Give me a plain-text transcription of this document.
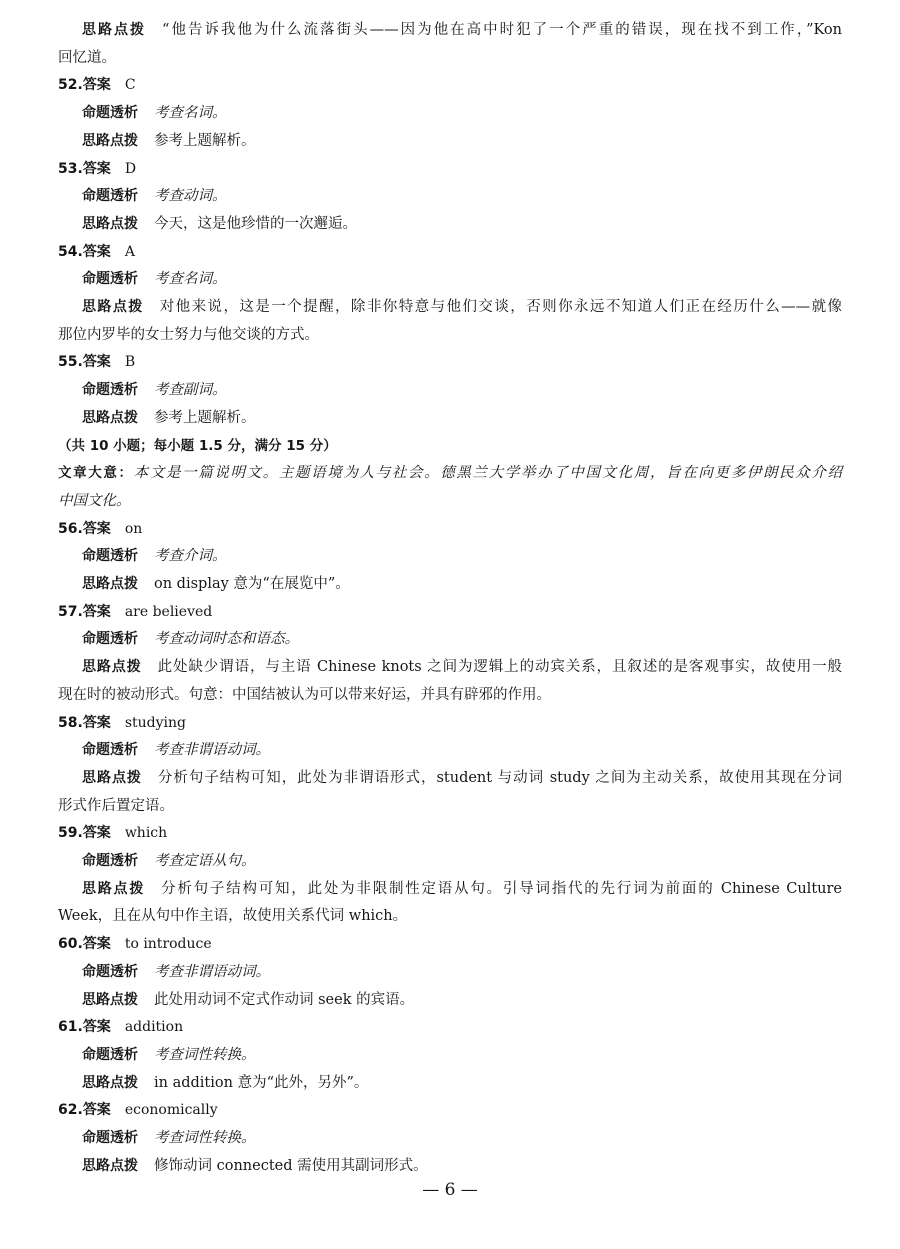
思路点拨 “他告诉我他为什么流落街头——因为他在高中时犯了一个严重的错误，现在找不到工作，”Kon
回忆道。
52.答案 C
命题透析 考查名词。
思路点拨 参考上题解析。
53.答案 D
命题透析 考查动词。
思路点拨 今天，这是他珍惜的一次邂逅。
54.答案 A
命题透析 考查名词。
思路点拨 对他来说，这是一个提醒，除非你特意与他们交谈，否则你永远不知道人们正在经历什么——就像
那位内罗毕的女士努力与他交谈的方式。
55.答案 B
命题透析 考查副词。
思路点拨 参考上题解析。
（共 10 小题；每小题 1.5 分，满分 15 分）
文章大意：本文是一篇说明文。主题语境为人与社会。德黑兰大学举办了中国文化周，旨在向更多伊朗民众介绍
中国文化。
56.答案 on
命题透析 考查介词。
思路点拨 on display 意为“在展览中”。
57.答案 are believed
命题透析 考查动词时态和语态。
思路点拨 此处缺少谓语，与主语 Chinese knots 之间为逻辑上的动宾关系，且叙述的是客观事实，故使用一般
现在时的被动形式。句意：中国结被认为可以带来好运，并具有辟邪的作用。
58.答案 studying
命题透析 考查非谓语动词。
思路点拨 分析句子结构可知，此处为非谓语形式，student 与动词 study 之间为主动关系，故使用其现在分词
形式作后置定语。
59.答案 which
命题透析 考查定语从句。
思路点拨 分析句子结构可知，此处为非限制性定语从句。引导词指代的先行词为前面的 Chinese Culture
Week，且在从句中作主语，故使用关系代词 which。
60.答案 to introduce
命题透析 考查非谓语动词。
思路点拨 此处用动词不定式作动词 seek 的宾语。
61.答案 addition
命题透析 考查词性转换。
思路点拨 in addition 意为“此外，另外”。
62.答案 economically
命题透析 考查词性转换。
思路点拨 修饰动词 connected 需使用其副词形式。
— 6 —
